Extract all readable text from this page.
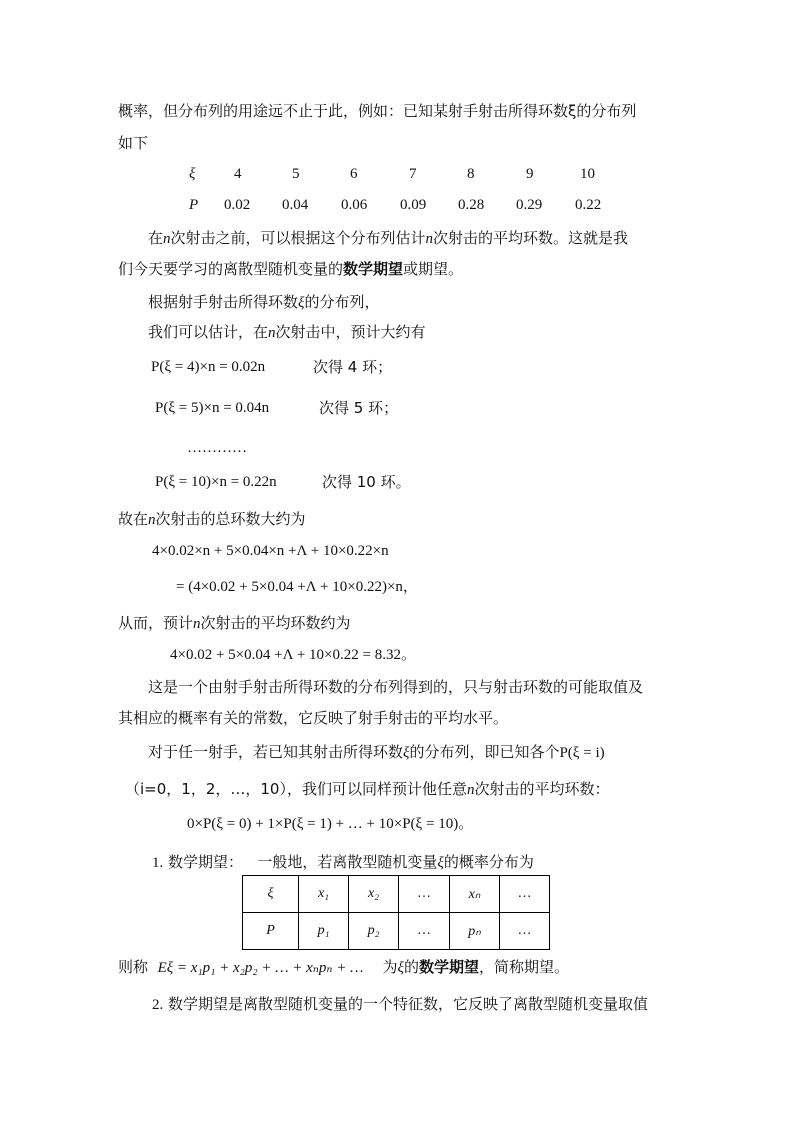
概率，但分布列的用途远不止于此，例如：已知某射手射击所得环数ξ的分布列
如下
ξ	4	5	6	7	8	9	10
P 0.02 0.04 0.06 0.09 0.28 0.29 0.22
在n次射击之前，可以根据这个分布列估计n次射击的平均环数。这就是我
们今天要学习的离散型随机变量的数学期望或期望。
根据射手射击所得环数ξ的分布列，
我们可以估计，在n次射击中，预计大约有
P(ξ = 4)×n = 0.02n	次得 4 环；
P(ξ = 5)×n = 0.04n	次得 5 环；
…………
P(ξ = 10)×n = 0.22n	次得 10 环。
故在n次射击的总环数大约为
4×0.02×n + 5×0.04×n +Λ + 10×0.22×n
= (4×0.02 + 5×0.04 +Λ + 10×0.22)×n，
从而，预计n次射击的平均环数约为
4×0.02 + 5×0.04 +Λ + 10×0.22 = 8.32。
这是一个由射手射击所得环数的分布列得到的，只与射击环数的可能取值及
其相应的概率有关的常数，它反映了射手射击的平均水平。
对于任一射手，若已知其射击所得环数ξ的分布列，即已知各个P(ξ = i)
（i=0，1，2，…，10），我们可以同样预计他任意n次射击的平均环数：
0×P(ξ = 0) + 1×P(ξ = 1) + … + 10×P(ξ = 10)。
1. 数学期望： 一般地，若离散型随机变量ξ的概率分布为
ξ	x₁	x₂	…	xₙ	…
P	p₁	p₂	…	pₙ	…
则称 Eξ = x₁p₁ + x₂p₂ + … + xₙpₙ + … 为ξ的数学期望，简称期望。
2. 数学期望是离散型随机变量的一个特征数，它反映了离散型随机变量取值
